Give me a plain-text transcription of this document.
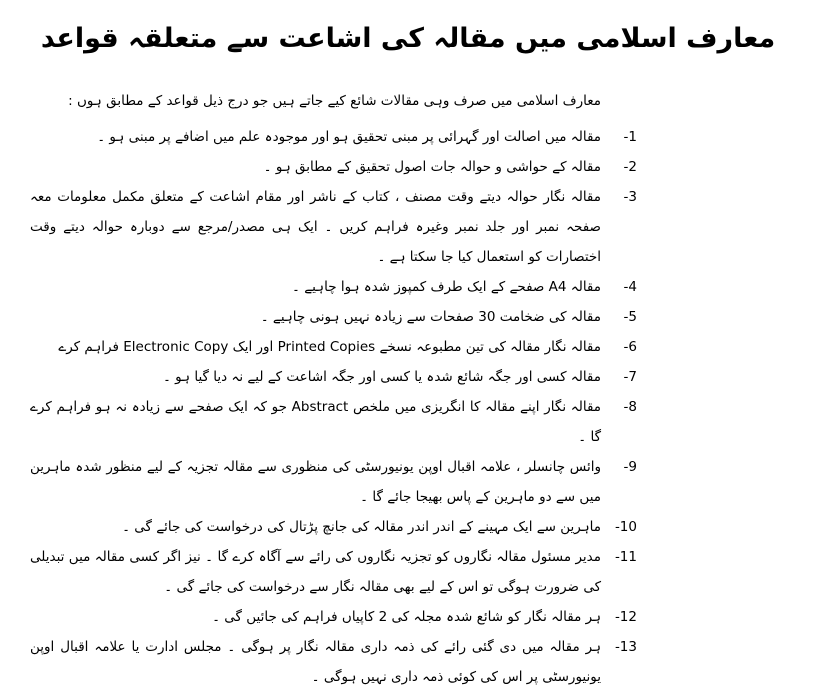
معارف اسلامی میں مقالہ کی اشاعت سے متعلقہ قواعد

معارف اسلامی میں صرف وہی مقالات شائع کیے جاتے ہیں جو درج ذیل قواعد کے مطابق ہوں :

-1
مقالہ میں اصالت اور گہرائی پر مبنی تحقیق ہو اور موجودہ علم میں اضافے پر مبنی ہو ۔
-2
مقالہ کے حواشی و حوالہ جات اصول تحقیق کے مطابق ہو ۔
-3
مقالہ نگار حوالہ دیتے وقت مصنف ، کتاب کے ناشر اور مقام اشاعت کے متعلق مکمل معلومات معہ صفحہ نمبر اور جلد نمبر وغیرہ فراہم کریں ۔ ایک ہی مصدر/مرجع سے دوبارہ حوالہ دیتے وقت اختصارات کو استعمال کیا جا سکتا ہے ۔
-4
مقالہ A4 صفحے کے ایک طرف کمپوز شدہ ہوا چاہیے ۔
-5
مقالہ کی ضخامت 30 صفحات سے زیادہ نہیں ہونی چاہیے ۔
-6
مقالہ نگار مقالہ کی تین مطبوعہ نسخے Printed Copies اور ایک Electronic Copy فراہم کرے
-7
مقالہ کسی اور جگہ شائع شدہ یا کسی اور جگہ اشاعت کے لیے نہ دیا گیا ہو ۔
-8
مقالہ نگار اپنے مقالہ کا انگریزی میں ملخص Abstract جو کہ ایک صفحے سے زیادہ نہ ہو فراہم کرے گا ۔
-9
وائس چانسلر ، علامہ اقبال اوپن یونیورسٹی کی منظوری سے مقالہ تجزیہ کے لیے منظور شدہ ماہرین میں سے دو ماہرین کے پاس بھیجا جائے گا ۔
-10
ماہرین سے ایک مہینے کے اندر اندر مقالہ کی جانچ پڑتال کی درخواست کی جائے گی ۔
-11
مدیر مسئول مقالہ نگاروں کو تجزیہ نگاروں کی رائے سے آگاہ کرے گا ۔ نیز اگر کسی مقالہ میں تبدیلی کی ضرورت ہوگی تو اس کے لیے بھی مقالہ نگار سے درخواست کی جائے گی ۔
-12
ہر مقالہ نگار کو شائع شدہ مجلہ کی 2 کاپیاں فراہم کی جائیں گی ۔
-13
ہر مقالہ میں دی گئی رائے کی ذمہ داری مقالہ نگار پر ہوگی ۔ مجلس ادارت یا علامہ اقبال اوپن یونیورسٹی پر اس کی کوئی ذمہ داری نہیں ہوگی ۔
